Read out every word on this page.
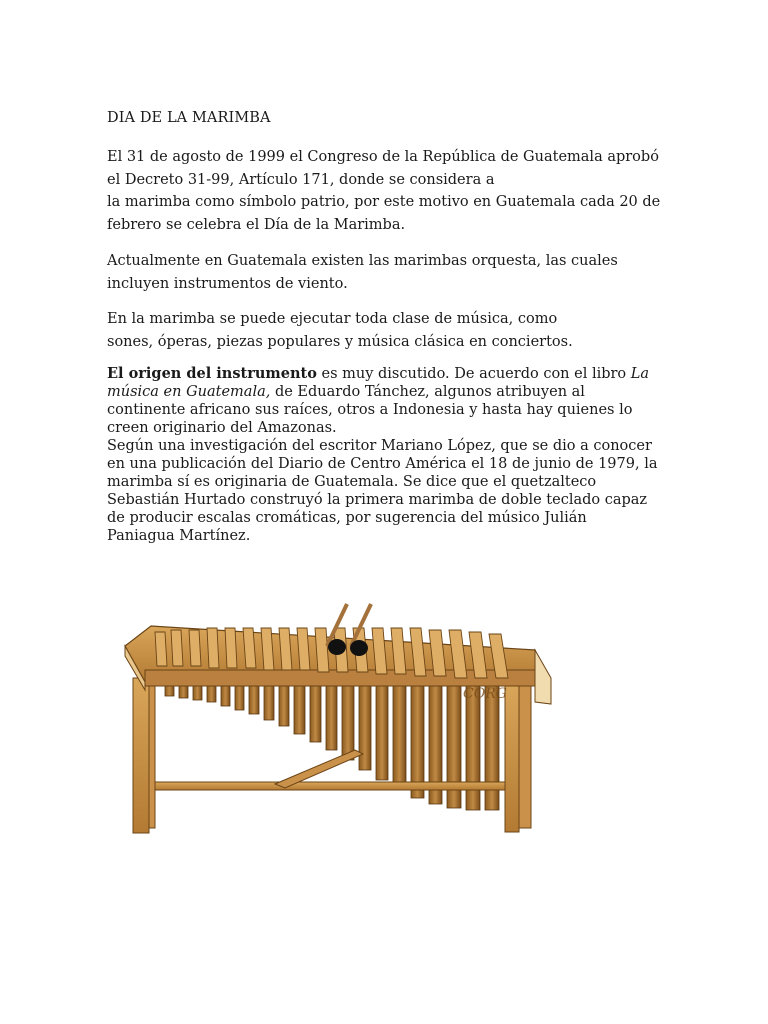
DIA DE LA MARIMBA
El 31 de agosto de 1999 el Congreso de la República de Guatemala aprobó
el Decreto 31-99, Artículo 171, donde se considera a
la marimba como símbolo patrio, por este motivo en Guatemala cada 20 de
febrero se celebra el Día de la Marimba.
Actualmente en Guatemala existen las marimbas orquesta, las cuales
incluyen instrumentos de viento.
En la marimba se puede ejecutar toda clase de música, como
sones, óperas, piezas populares y música clásica en conciertos.
El origen del instrumento es muy discutido. De acuerdo con el libro La
música en Guatemala, de Eduardo Tánchez, algunos atribuyen al
continente africano sus raíces, otros a Indonesia y hasta hay quienes lo
creen originario del Amazonas.
Según una investigación del escritor Mariano López, que se dio a conocer
en una publicación del Diario de Centro América el 18 de junio de 1979, la
marimba sí es originaria de Guatemala. Se dice que el quetzalteco
Sebastián Hurtado construyó la primera marimba de doble teclado capaz
de producir escalas cromáticas, por sugerencia del músico Julián
Paniagua Martínez.
CORG
